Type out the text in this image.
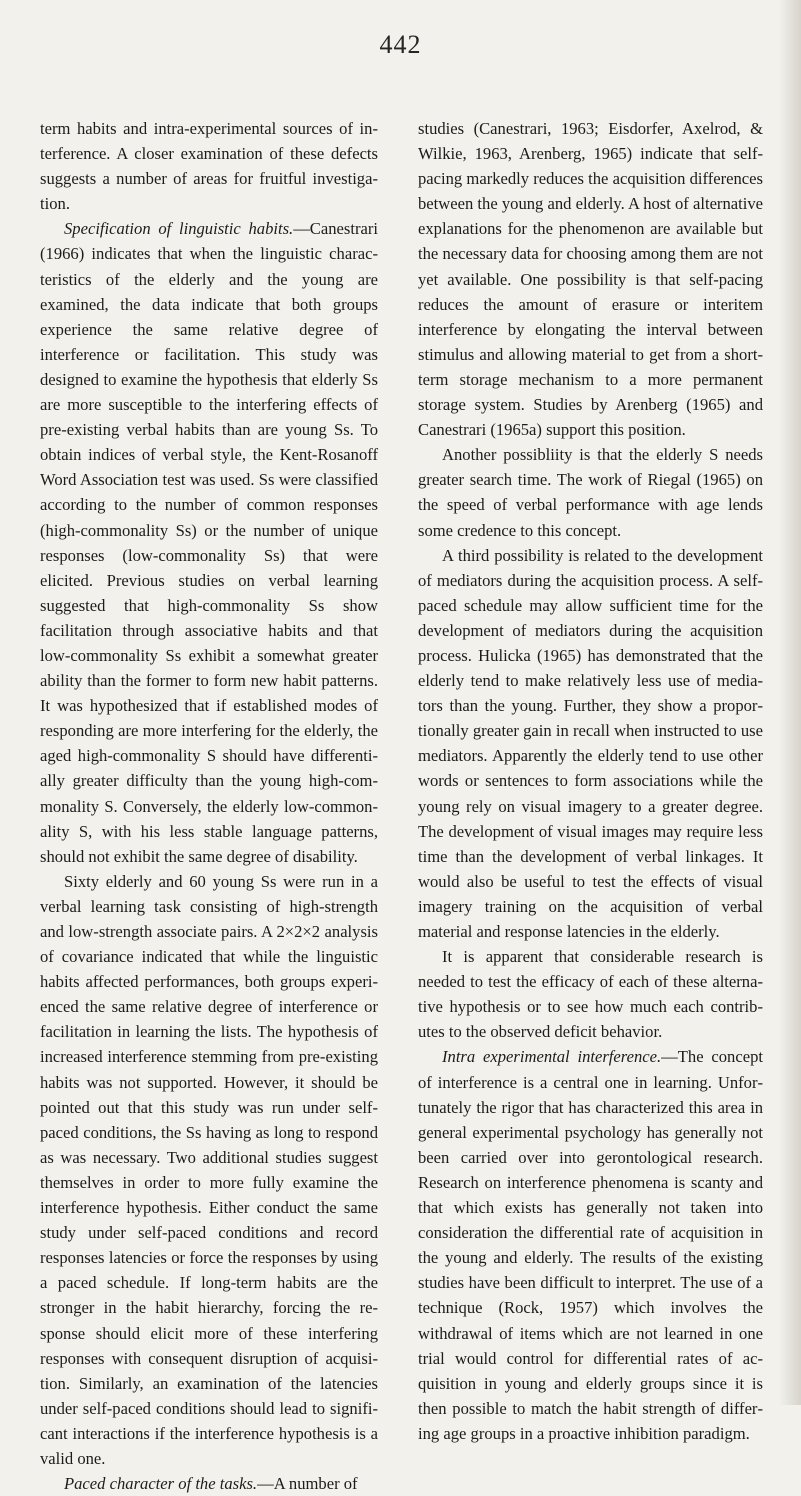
442

term habits and intra-experimental sources of interference. A closer examination of these defects suggests a number of areas for fruitful investigation.

Specification of linguistic habits.—Canestrari (1966) indicates that when the linguistic characteristics of the elderly and the young are examined, the data indicate that both groups experience the same relative degree of interference or facilitation. This study was designed to examine the hypothesis that elderly Ss are more susceptible to the interfering effects of pre-existing verbal habits than are young Ss. To obtain indices of verbal style, the Kent-Rosanoff Word Association test was used. Ss were classified according to the number of common responses (high-commonality Ss) or the number of unique responses (low-commonality Ss) that were elicited. Previous studies on verbal learning suggested that high-commonality Ss show facilitation through associative habits and that low-commonality Ss exhibit a somewhat greater ability than the former to form new habit patterns. It was hypothesized that if established modes of responding are more interfering for the elderly, the aged high-commonality S should have differentially greater difficulty than the young high-commonality S. Conversely, the elderly low-commonality S, with his less stable language patterns, should not exhibit the same degree of disability.

Sixty elderly and 60 young Ss were run in a verbal learning task consisting of high-strength and low-strength associate pairs. A 2×2×2 analysis of covariance indicated that while the linguistic habits affected performances, both groups experienced the same relative degree of interference or facilitation in learning the lists. The hypothesis of increased interference stemming from pre-existing habits was not supported. However, it should be pointed out that this study was run under self-paced conditions, the Ss having as long to respond as was necessary. Two additional studies suggest themselves in order to more fully examine the interference hypothesis. Either conduct the same study under self-paced conditions and record responses latencies or force the responses by using a paced schedule. If long-term habits are the stronger in the habit hierarchy, forcing the response should elicit more of these interfering responses with consequent disruption of acquisition. Similarly, an examination of the latencies under self-paced conditions should lead to significant interactions if the interference hypothesis is a valid one.

Paced character of the tasks.—A number of

studies (Canestrari, 1963; Eisdorfer, Axelrod, & Wilkie, 1963, Arenberg, 1965) indicate that self-pacing markedly reduces the acquisition differences between the young and elderly. A host of alternative explanations for the phenomenon are available but the necessary data for choosing among them are not yet available. One possibility is that self-pacing reduces the amount of erasure or interitem interference by elongating the interval between stimulus and allowing material to get from a short-term storage mechanism to a more permanent storage system. Studies by Arenberg (1965) and Canestrari (1965a) support this position.

Another possibliity is that the elderly S needs greater search time. The work of Riegal (1965) on the speed of verbal performance with age lends some credence to this concept.

A third possibility is related to the development of mediators during the acquisition process. A self-paced schedule may allow sufficient time for the development of mediators during the acquisition process. Hulicka (1965) has demonstrated that the elderly tend to make relatively less use of mediators than the young. Further, they show a proportionally greater gain in recall when instructed to use mediators. Apparently the elderly tend to use other words or sentences to form associations while the young rely on visual imagery to a greater degree. The development of visual images may require less time than the development of verbal linkages. It would also be useful to test the effects of visual imagery training on the acquisition of verbal material and response latencies in the elderly.

It is apparent that considerable research is needed to test the efficacy of each of these alternative hypothesis or to see how much each contributes to the observed deficit behavior.

Intra experimental interference.—The concept of interference is a central one in learning. Unfortunately the rigor that has characterized this area in general experimental psychology has generally not been carried over into gerontological research. Research on interference phenomena is scanty and that which exists has generally not taken into consideration the differential rate of acquisition in the young and elderly. The results of the existing studies have been difficult to interpret. The use of a technique (Rock, 1957) which involves the withdrawal of items which are not learned in one trial would control for differential rates of acquisition in young and elderly groups since it is then possible to match the habit strength of differing age groups in a proactive inhibition paradigm.
